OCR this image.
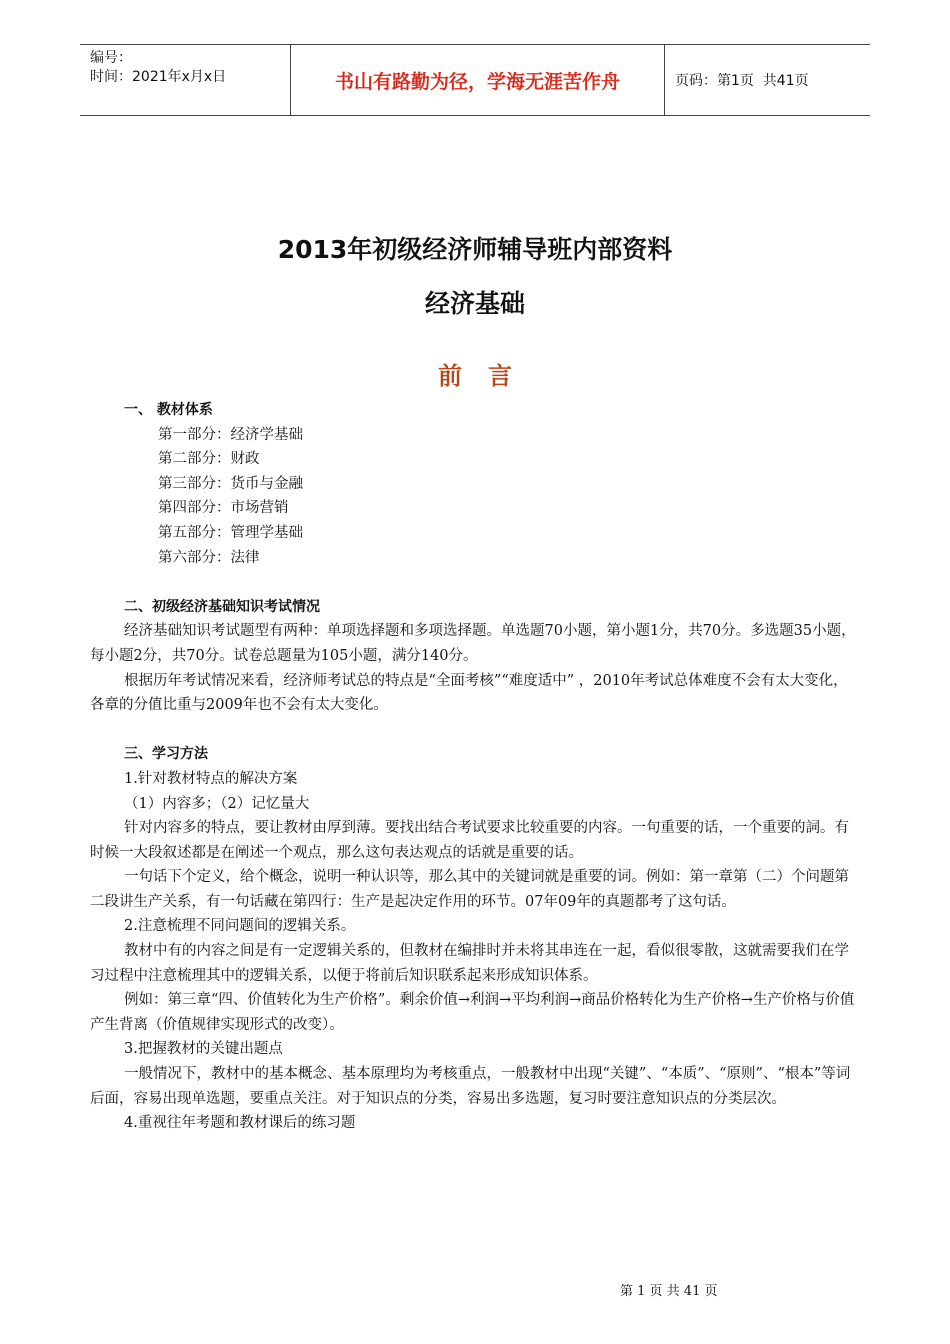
编号：
时间：2021年x月x日	书山有路勤为径，学海无涯苦作舟	页码：第1页  共41页
2013年初级经济师辅导班内部资料
经济基础
前言

一、 教材体系

第一部分：经济学基础

第二部分：财政

第三部分：货币与金融

第四部分：市场营销

第五部分：管理学基础

第六部分：法律

二、初级经济基础知识考试情况

经济基础知识考试题型有两种：单项选择题和多项选择题。单选题70小题，第小题1分，共70分。多选题35小题，每小题2分，共70分。试卷总题量为105小题，满分140分。

根据历年考试情况来看，经济师考试总的特点是“全面考核”“难度适中” ，2010年考试总体难度不会有太大变化，各章的分值比重与2009年也不会有太大变化。

三、学习方法

1.针对教材特点的解决方案

（1）内容多；（2）记忆量大

针对内容多的特点，要让教材由厚到薄。要找出结合考试要求比较重要的内容。一句重要的话，一个重要的詞。有时候一大段叙述都是在阐述一个观点，那么这句表达观点的话就是重要的话。

一句话下个定义，给个概念，说明一种认识等，那么其中的关键词就是重要的词。例如：第一章第（二）个问题第二段讲生产关系，有一句话藏在第四行：生产是起决定作用的环节。07年09年的真题都考了这句话。

2.注意梳理不同问题间的逻辑关系。

教材中有的内容之间是有一定逻辑关系的，但教材在编排时并未将其串连在一起，看似很零散，这就需要我们在学习过程中注意梳理其中的逻辑关系，以便于将前后知识联系起来形成知识体系。

例如：第三章“四、价值转化为生产价格”。剩余价值→利润→平均利润→商品价格转化为生产价格→生产价格与价值产生背离（价值规律实现形式的改变）。

3.把握教材的关键出题点

一般情况下，教材中的基本概念、基本原理均为考核重点，一般教材中出现“关键”、“本质”、“原则”、“根本”等词后面，容易出现单选题，要重点关注。对于知识点的分类，容易出多选题，复习时要注意知识点的分类层次。

4.重视往年考题和教材课后的练习题

第 1 页 共 41 页
